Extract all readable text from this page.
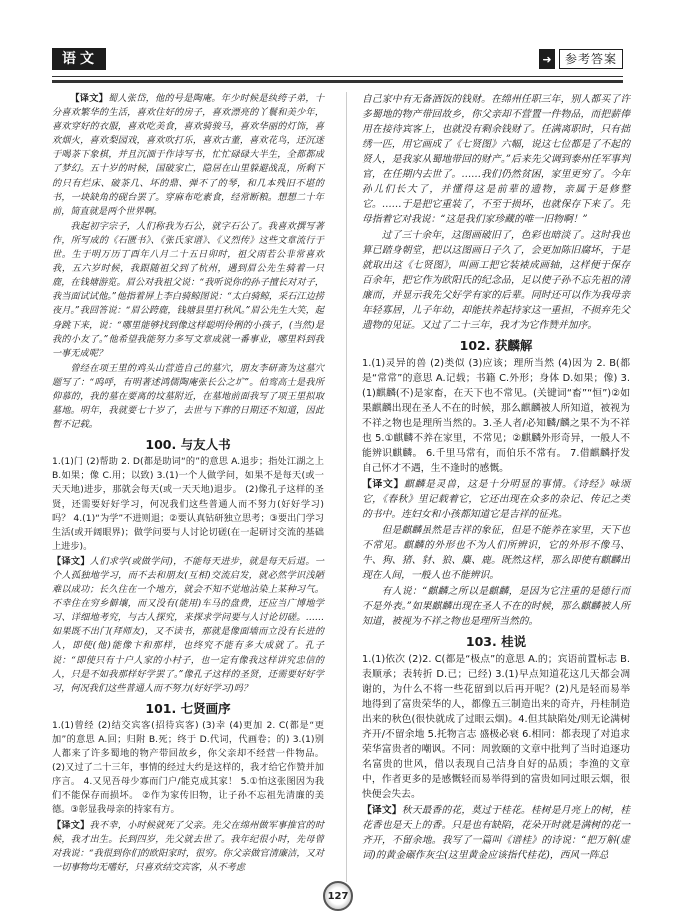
语文	➜	参考答案

【译文】蜀人张岱，他的号是陶庵。年少时候是纨绔子弟，十分喜欢繁华的生活，喜欢住好的房子，喜欢漂亮的丫鬟和美少年，喜欢穿好的衣服，喜欢吃美食，喜欢骑骏马，喜欢华丽的灯饰，喜欢烟火，喜欢梨园戏，喜欢吹打乐，喜欢古董，喜欢花鸟，还沉迷于喝茶下象棋，并且沉湎于作诗写书，忙忙碌碌大半生，全都都成了梦幻。五十岁的时候，国破家亡，隐居在山里躲避战乱，所剩下的只有烂床、破茶几、坏的鼎、弹不了的琴，和几本残旧不堪的书，一块缺角的砚台罢了。穿麻布吃素食，经常断粮。想想二十年前，简直就是两个世界啊。

我起初字宗子，人们称我为石公，就字石公了。我喜欢撰写著作，所写成的《石匮书》、《张氏家谱》、《义烈传》这些文章流行于世。生于明万历丁酉年八月二十五日卯时，祖父雨若公非常喜欢我，五六岁时候，我跟随祖父到了杭州，遇到眉公先生骑着一只鹿，在钱塘游览。眉公对我祖父说：“我听说你的孙子擅长对对子，我当面试试他。”他指着屏上李白骑鲸图说：“太白骑鲸，采石江边捞夜月。”我回答说：“眉公跨鹿，钱塘县里打秋风。”眉公先生大笑，起身跳下来，说：“哪里能够找到像这样聪明伶俐的小孩子，(当然)是我的小友了。”他希望我能努力多写文章成就一番事业，哪里料到我一事无成呢？

曾经在项王里的鸡头山营造自己的墓穴，朋友李研斋为这墓穴题写了：“呜呼，有明著述鸿儒陶庵张长公之圹”。伯鸾高士是我所仰慕的，我的墓在要离的坟墓附近，在墓地前面我写了项王里拟取墓地。明年，我就要七十岁了，去世与下葬的日期还不知道，因此暂不记载。

100. 与友人书

1.(1)门 (2)帮助 2. D(都是助词“的”的意思 A.退步；指处江湖之上 B.如果；像 C.用；以致) 3.(1)一个人做学问，如果不是每天(或一天天地)进步，那就会每天(或一天天地)退步。 (2)像孔子这样的圣贤，还需要好好学习，何况我们这些普通人而不努力(好好学习)吗？ 4.(1)“为学”不进则退；②要认真钻研独立思考；③要出门学习生活(或开阔眼界)；做学问要与人讨论切磋(在一起研讨交流的基础上进步)。

【译文】人们求学(或做学问)，不能每天进步，就是每天后退。一个人孤独地学习，而不去和朋友(互相)交流启发，就必然学识浅陋难以成功；长久住在一个地方，就会不知不觉地沾染上某种习气。不幸住在穷乡僻壤，而又没有(能用)车马的盘费，还应当广博地学习、详细地考究，与古人探究，来探求学问要与人讨论切磋。……如果既不出门(拜师友)，又不读书，那就是像面墙而立没有长进的人，即使(他)能像卞和那样，也终究不能有多大成就了。孔子说：“即使只有十户人家的小村子，也一定有像我这样讲究忠信的人，只是不如我那样好学罢了。”像孔子这样的圣贤，还需要好好学习，何况我们这些普通人而不努力(好好学习)吗？

101. 七贤画序

1.(1)曾经 (2)结交宾客(招待宾客) (3)幸 (4)更加 2. C(都是“更加”的意思 A.回；归附 B.死；终于 D.代词，代画卷；的) 3.(1)别人都来了许多蜀地的物产带回故乡，你父亲却不经营一件物品。 (2)又过了二十三年，事情的经过大约是这样的，我才给它作赞并加序言。 4.又见吾母少寡而门户/能克成其家！ 5.①怕这张图因为我们不能保存而损坏。 ②作为家传旧物，让子孙不忘祖先清廉的美德。③彰显我母亲的持家有方。

【译文】我不幸，小时候就死了父亲。先父在绵州做军事推官的时候，我才出生。长到四岁，先父就去世了。我年纪很小时，先母曾对我说：“我很到你们的欧阳家时，很穷。你父亲做官清廉洁，又对一切事物均无嗜好，只喜欢结交宾客，从不考虑

自己家中有无备酒饭的钱财。在绵州任职三年，别人都买了许多蜀地的物产带回故乡，你父亲却不营置一件物品，而把薪俸用在接待宾客上，也就没有剩余钱财了。任满离职时，只有拙绣一匹，用它画成了《七贤图》六幅，说这七位都是了不起的贤人，是我家从蜀地带回的财产。”后来先父调到泰州任军事判官，在任期内去世了。……我们仍然贫困，家里更穷了。今年孙儿们长大了，并懂得这是前辈的遗物，亲属于是修整它。……于是把它重装了，不至于损坏，也就保存下来了。先母指着它对我说：“这是我们家珍藏的唯一旧物啊！”

过了三十余年，这图画破旧了，色彩也暗淡了。这时我也算已踏身朝堂，把以这图画日子久了，会更加陈旧腐坏，于是就取出这《七贤图》，叫画工把它装裱成画轴，这样便于保存百余年，把它作为欧阳氏的纪念品，足以使子孙不忘先祖的清廉而，并显示我先父好学有家的后辈。同时还可以作为我母亲年轻寡居，儿子年幼，却能扶养起持家这一重担，不损弃先父遗物的见证。又过了二十三年，我才为它作赞并加序。

102. 获麟解

1.(1)灵异的兽 (2)类似 (3)应该；理所当然 (4)因为 2. B(都是“常常”的意思 A.记载；书籍 C.外形；身体 D.如果；像) 3.(1)麒麟(不)是家畜，在天下也不常见。(关键词“畜”“恒”)②如果麒麟出现在圣人不在的时候，那么麒麟被人所知道，被视为不祥之物也是理所当然的。3.圣人者/必知麟/麟之果不为不祥也 5.①麒麟不养在家里，不常见；②麒麟外形奇异，一般人不能辨识麒麟。 6.千里马常有，而伯乐不常有。 7.借麒麟抒发自己怀才不遇，生不逢时的感慨。

【译文】麒麟是灵兽，这是十分明显的事情。《诗经》咏颂它，《春秋》里记载着它，它还出现在众多的杂记、传记之类的书中。连妇女和小孩都知道它是吉祥的征兆。

但是麒麟虽然是吉祥的象征，但是不能养在家里，天下也不常见。麒麟的外形也不为人们所辨识，它的外形不像马、牛、狗、猪、豺、狼、麋、鹿。既然这样，那么即使有麒麟出现在人间，一般人也不能辨识。

有人说：“麒麟之所以是麒麟，是因为它注重的是德行而不是外表。”如果麒麟出现在圣人不在的时候，那么麒麟被人所知道，被视为不祥之物也是理所当然的。

103. 桂说

1.(1)依次 (2)2. C(都是“极点”的意思 A.的；宾语前置标志 B.表顺承；表转折 D.已；已经) 3.(1)早点知道花这几天都会凋谢的，为什么不将一些花留到以后再开呢？(2)凡是轻而易举地得到了富贵荣华的人，都像五三制造出来的奇卉，丹桂制造出来的秋色(很快就成了过眼云烟)。4.但其缺陷处/则无论满树齐开/不留余地 5.托物言志 盛极必衰 6.相同：都表现了对追求荣华富贵者的嘲讽。不同：周敦颐的文章中批判了当时追逐功名富贵的世风，借以表现自己洁身自好的品质；李渔的文章中，作者更多的是感慨轻而易举得到的富贵如同过眼云烟，很快便会失去。

【译文】秋天最香的花，莫过于桂花。桂树是月亮上的树，桂花香也是天上的香。只是也有缺陷，花朵开时就是满树的花一齐开，不留余地。我写了一篇叫《谱桂》的诗说：“把万斛(虚词)的黄金碾作灰尘(这里黄金应该指代桂花)，西风一阵总

127
